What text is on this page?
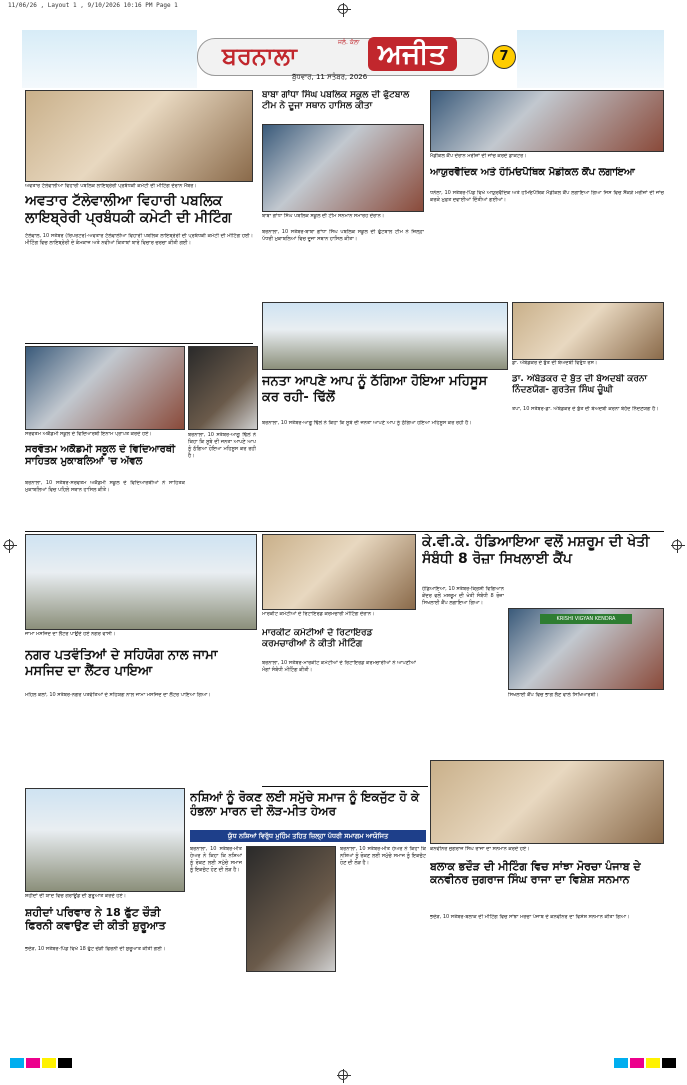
11/06/26 , Layout 1 , 9/10/2026 10:16 PM Page 1
ਬਰਨਾਲਾ	ਜਲੰ. ਕੋਲਾ ਅਜੀਤ	7
ਬੁੱਧਵਾਰ, 11 ਸਤੰਬਰ, 2026
ਅਵਤਾਰ ਟੱਲੇਵਾਲੀਆ ਵਿਹਾਰੀ ਪਬਲਿਕ ਲਾਇਬ੍ਰੇਰੀ ਪ੍ਰਬੰਧਕੀ ਕਮੇਟੀ ਦੀ ਮੀਟਿੰਗ ਦੌਰਾਨ ਮੈਂਬਰ।
ਅਵਤਾਰ ਟੱਲੇਵਾਲੀਆ ਵਿਹਾਰੀ ਪਬਲਿਕ ਲਾਇਬ੍ਰੇਰੀ ਪ੍ਰਬੰਧਕੀ ਕਮੇਟੀ ਦੀ ਮੀਟਿੰਗ
ਟੱਲੇਵਾਲ, 10 ਸਤੰਬਰ (ਰਿਪੋਰਟਰ)-ਅਵਤਾਰ ਟੱਲੇਵਾਲੀਆ ਵਿਹਾਰੀ ਪਬਲਿਕ ਲਾਇਬ੍ਰੇਰੀ ਦੀ ਪ੍ਰਬੰਧਕੀ ਕਮੇਟੀ ਦੀ ਮੀਟਿੰਗ ਹੋਈ। ਮੀਟਿੰਗ ਵਿਚ ਲਾਇਬ੍ਰੇਰੀ ਦੇ ਕੰਮਕਾਜ ਅਤੇ ਨਵੀਆਂ ਕਿਤਾਬਾਂ ਬਾਰੇ ਵਿਚਾਰ ਚਰਚਾ ਕੀਤੀ ਗਈ।
ਬਾਬਾ ਗਾਂਧਾ ਸਿੰਘ ਪਬਲਿਕ ਸਕੂਲ ਦੀ ਫੁੱਟਬਾਲ ਟੀਮ ਨੇ ਦੂਜਾ ਸਥਾਨ ਹਾਸਿਲ ਕੀਤਾ
ਬਾਬਾ ਗਾਂਧਾ ਸਿੰਘ ਪਬਲਿਕ ਸਕੂਲ ਦੀ ਟੀਮ ਸਨਮਾਨ ਸਮਾਰੋਹ ਦੌਰਾਨ।
ਬਰਨਾਲਾ, 10 ਸਤੰਬਰ-ਬਾਬਾ ਗਾਂਧਾ ਸਿੰਘ ਪਬਲਿਕ ਸਕੂਲ ਦੀ ਫੁੱਟਬਾਲ ਟੀਮ ਨੇ ਜ਼ਿਲ੍ਹਾ ਪੱਧਰੀ ਮੁਕਾਬਲਿਆਂ ਵਿਚ ਦੂਜਾ ਸਥਾਨ ਹਾਸਿਲ ਕੀਤਾ।
ਮੈਡੀਕਲ ਕੈਂਪ ਦੌਰਾਨ ਮਰੀਜ਼ਾਂ ਦੀ ਜਾਂਚ ਕਰਦੇ ਡਾਕਟਰ।
ਆਯੁਰਵੈਦਿਕ ਅਤੇ ਹੋਮਿਓਪੈਥਿਕ ਮੈਡੀਕਲ ਕੈਂਪ ਲਗਾਇਆ
ਧਨੌਲਾ, 10 ਸਤੰਬਰ-ਪਿੰਡ ਵਿਖੇ ਆਯੁਰਵੈਦਿਕ ਅਤੇ ਹੋਮਿਓਪੈਥਿਕ ਮੈਡੀਕਲ ਕੈਂਪ ਲਗਾਇਆ ਗਿਆ ਜਿਸ ਵਿਚ ਸੈਂਕੜੇ ਮਰੀਜ਼ਾਂ ਦੀ ਜਾਂਚ ਕਰਕੇ ਮੁਫ਼ਤ ਦਵਾਈਆਂ ਦਿੱਤੀਆਂ ਗਈਆਂ।
ਡਾ. ਅੰਬੇਡਕਰ ਦੇ ਬੁੱਤ ਦੀ ਬੇਅਦਬੀ ਵਿਰੁੱਧ ਰੋਸ।
ਸਰਵੋਤਮ ਅਕੈਡਮੀ ਸਕੂਲ ਦੇ ਵਿਦਿਆਰਥੀ ਇਨਾਮ ਪ੍ਰਾਪਤ ਕਰਦੇ ਹੋਏ।
ਸਰਵੋਤਮ ਅਕੈਡਮੀ ਸਕੂਲ ਦੇ ਵਿਦਿਆਰਥੀ ਸਾਹਿਤਕ ਮੁਕਾਬਲਿਆਂ 'ਚ ਅੱਵਲ
ਬਰਨਾਲਾ, 10 ਸਤੰਬਰ-ਸਰਵੋਤਮ ਅਕੈਡਮੀ ਸਕੂਲ ਦੇ ਵਿਦਿਆਰਥੀਆਂ ਨੇ ਸਾਹਿਤਕ ਮੁਕਾਬਲਿਆਂ ਵਿਚ ਪਹਿਲੇ ਸਥਾਨ ਹਾਸਿਲ ਕੀਤੇ।
ਬਰਨਾਲਾ, 10 ਸਤੰਬਰ-ਆਗੂ ਢਿੱਲੋਂ ਨੇ ਕਿਹਾ ਕਿ ਸੂਬੇ ਦੀ ਜਨਤਾ ਆਪਣੇ ਆਪ ਨੂੰ ਠੱਗਿਆ ਹੋਇਆ ਮਹਿਸੂਸ ਕਰ ਰਹੀ ਹੈ।
ਜਨਤਾ ਆਪਣੇ ਆਪ ਨੂੰ ਠੱਗਿਆ ਹੋਇਆ ਮਹਿਸੂਸ ਕਰ ਰਹੀ- ਢਿੱਲੋਂ
ਬਰਨਾਲਾ, 10 ਸਤੰਬਰ-ਆਗੂ ਢਿੱਲੋਂ ਨੇ ਕਿਹਾ ਕਿ ਸੂਬੇ ਦੀ ਜਨਤਾ ਆਪਣੇ ਆਪ ਨੂੰ ਠੱਗਿਆ ਹੋਇਆ ਮਹਿਸੂਸ ਕਰ ਰਹੀ ਹੈ।
ਡਾ. ਅੰਬੇਡਕਰ ਦੇ ਬੁੱਤ ਦੀ ਬੇਅਦਬੀ ਕਰਨਾ ਨਿੰਦਣਯੋਗ- ਗੁਰਤੇਜ ਸਿੰਘ ਚੂੰਘੀ
ਤਪਾ, 10 ਸਤੰਬਰ-ਡਾ. ਅੰਬੇਡਕਰ ਦੇ ਬੁੱਤ ਦੀ ਬੇਅਦਬੀ ਕਰਨਾ ਬੇਹੱਦ ਨਿੰਦਣਯੋਗ ਹੈ।
ਜਾਮਾ ਮਸਜਿਦ ਦਾ ਲੈਂਟਰ ਪਾਉਂਦੇ ਹੋਏ ਨਗਰ ਵਾਸੀ।
ਨਗਰ ਪਤਵੰਤਿਆਂ ਦੇ ਸਹਿਯੋਗ ਨਾਲ ਜਾਮਾ ਮਸਜਿਦ ਦਾ ਲੈਂਟਰ ਪਾਇਆ
ਮਹਿਲ ਕਲਾਂ, 10 ਸਤੰਬਰ-ਨਗਰ ਪਤਵੰਤਿਆਂ ਦੇ ਸਹਿਯੋਗ ਨਾਲ ਜਾਮਾ ਮਸਜਿਦ ਦਾ ਲੈਂਟਰ ਪਾਇਆ ਗਿਆ।
ਮਾਰਕੀਟ ਕਮੇਟੀਆਂ ਦੇ ਰਿਟਾਇਰਡ ਕਰਮਚਾਰੀ ਮੀਟਿੰਗ ਦੌਰਾਨ।
ਮਾਰਕੀਟ ਕਮੇਟੀਆਂ ਦੇ ਰਿਟਾਇਰਡ ਕਰਮਚਾਰੀਆਂ ਨੇ ਕੀਤੀ ਮੀਟਿੰਗ
ਬਰਨਾਲਾ, 10 ਸਤੰਬਰ-ਮਾਰਕੀਟ ਕਮੇਟੀਆਂ ਦੇ ਰਿਟਾਇਰਡ ਕਰਮਚਾਰੀਆਂ ਨੇ ਆਪਣੀਆਂ ਮੰਗਾਂ ਸੰਬੰਧੀ ਮੀਟਿੰਗ ਕੀਤੀ।
ਕੇ.ਵੀ.ਕੇ. ਹੰਡਿਆਇਆ ਵਲੋਂ ਮਸ਼ਰੂਮ ਦੀ ਖੇਤੀ ਸੰਬੰਧੀ 8 ਰੋਜ਼ਾ ਸਿਖਲਾਈ ਕੈਂਪ
ਹੰਡਿਆਇਆ, 10 ਸਤੰਬਰ-ਕ੍ਰਿਸ਼ੀ ਵਿਗਿਆਨ ਕੇਂਦਰ ਵਲੋਂ ਮਸ਼ਰੂਮ ਦੀ ਖੇਤੀ ਸੰਬੰਧੀ 8 ਰੋਜ਼ਾ ਸਿਖਲਾਈ ਕੈਂਪ ਲਗਾਇਆ ਗਿਆ।
KRISHI VIGYAN KENDRA
ਸਿਖਲਾਈ ਕੈਂਪ ਵਿਚ ਭਾਗ ਲੈਣ ਵਾਲੇ ਸਿਖਿਆਰਥੀ।
ਨਸ਼ਿਆਂ ਨੂੰ ਰੋਕਣ ਲਈ ਸਮੁੱਚੇ ਸਮਾਜ ਨੂੰ ਇਕਜੁੱਟ ਹੋ ਕੇ ਹੰਭਲਾ ਮਾਰਨ ਦੀ ਲੋੜ-ਮੀਤ ਹੇਅਰ
ਯੁੱਧ ਨਸ਼ਿਆਂ ਵਿਰੁੱਧ ਮੁਹਿੰਮ ਤਹਿਤ ਜ਼ਿਲ੍ਹਾ ਪੱਧਰੀ ਸਮਾਗਮ ਆਯੋਜਿਤ
ਬਰਨਾਲਾ, 10 ਸਤੰਬਰ-ਮੀਤ ਹੇਅਰ ਨੇ ਕਿਹਾ ਕਿ ਨਸ਼ਿਆਂ ਨੂੰ ਰੋਕਣ ਲਈ ਸਮੁੱਚੇ ਸਮਾਜ ਨੂੰ ਇਕਜੁੱਟ ਹੋਣ ਦੀ ਲੋੜ ਹੈ।
ਬਰਨਾਲਾ, 10 ਸਤੰਬਰ-ਮੀਤ ਹੇਅਰ ਨੇ ਕਿਹਾ ਕਿ ਨਸ਼ਿਆਂ ਨੂੰ ਰੋਕਣ ਲਈ ਸਮੁੱਚੇ ਸਮਾਜ ਨੂੰ ਇਕਜੁੱਟ ਹੋਣ ਦੀ ਲੋੜ ਹੈ।
ਸ਼ਹੀਦਾਂ ਦੀ ਯਾਦ ਵਿਚ ਗਰਾਊਂਡ ਦੀ ਸ਼ੁਰੂਆਤ ਕਰਦੇ ਹੋਏ।
ਸ਼ਹੀਦਾਂ ਪਰਿਵਾਰ ਨੇ 18 ਫੁੱਟ ਚੌੜੀ ਫਿਰਨੀ ਕਵਾਉਣ ਦੀ ਕੀਤੀ ਸ਼ੁਰੂਆਤ
ਭਦੌੜ, 10 ਸਤੰਬਰ-ਪਿੰਡ ਵਿਖੇ 18 ਫੁੱਟ ਚੌੜੀ ਫਿਰਨੀ ਦੀ ਸ਼ੁਰੂਆਤ ਕੀਤੀ ਗਈ।
ਕਨਵੀਨਰ ਜੁਗਰਾਜ ਸਿੰਘ ਰਾਜਾ ਦਾ ਸਨਮਾਨ ਕਰਦੇ ਹੋਏ।
ਬਲਾਕ ਭਦੌੜ ਦੀ ਮੀਟਿੰਗ ਵਿਚ ਸਾਂਝਾ ਮੋਰਚਾ ਪੰਜਾਬ ਦੇ ਕਨਵੀਨਰ ਜੁਗਰਾਜ ਸਿੰਘ ਰਾਜਾ ਦਾ ਵਿਸ਼ੇਸ਼ ਸਨਮਾਨ
ਭਦੌੜ, 10 ਸਤੰਬਰ-ਬਲਾਕ ਦੀ ਮੀਟਿੰਗ ਵਿਚ ਸਾਂਝਾ ਮੋਰਚਾ ਪੰਜਾਬ ਦੇ ਕਨਵੀਨਰ ਦਾ ਵਿਸ਼ੇਸ਼ ਸਨਮਾਨ ਕੀਤਾ ਗਿਆ।
